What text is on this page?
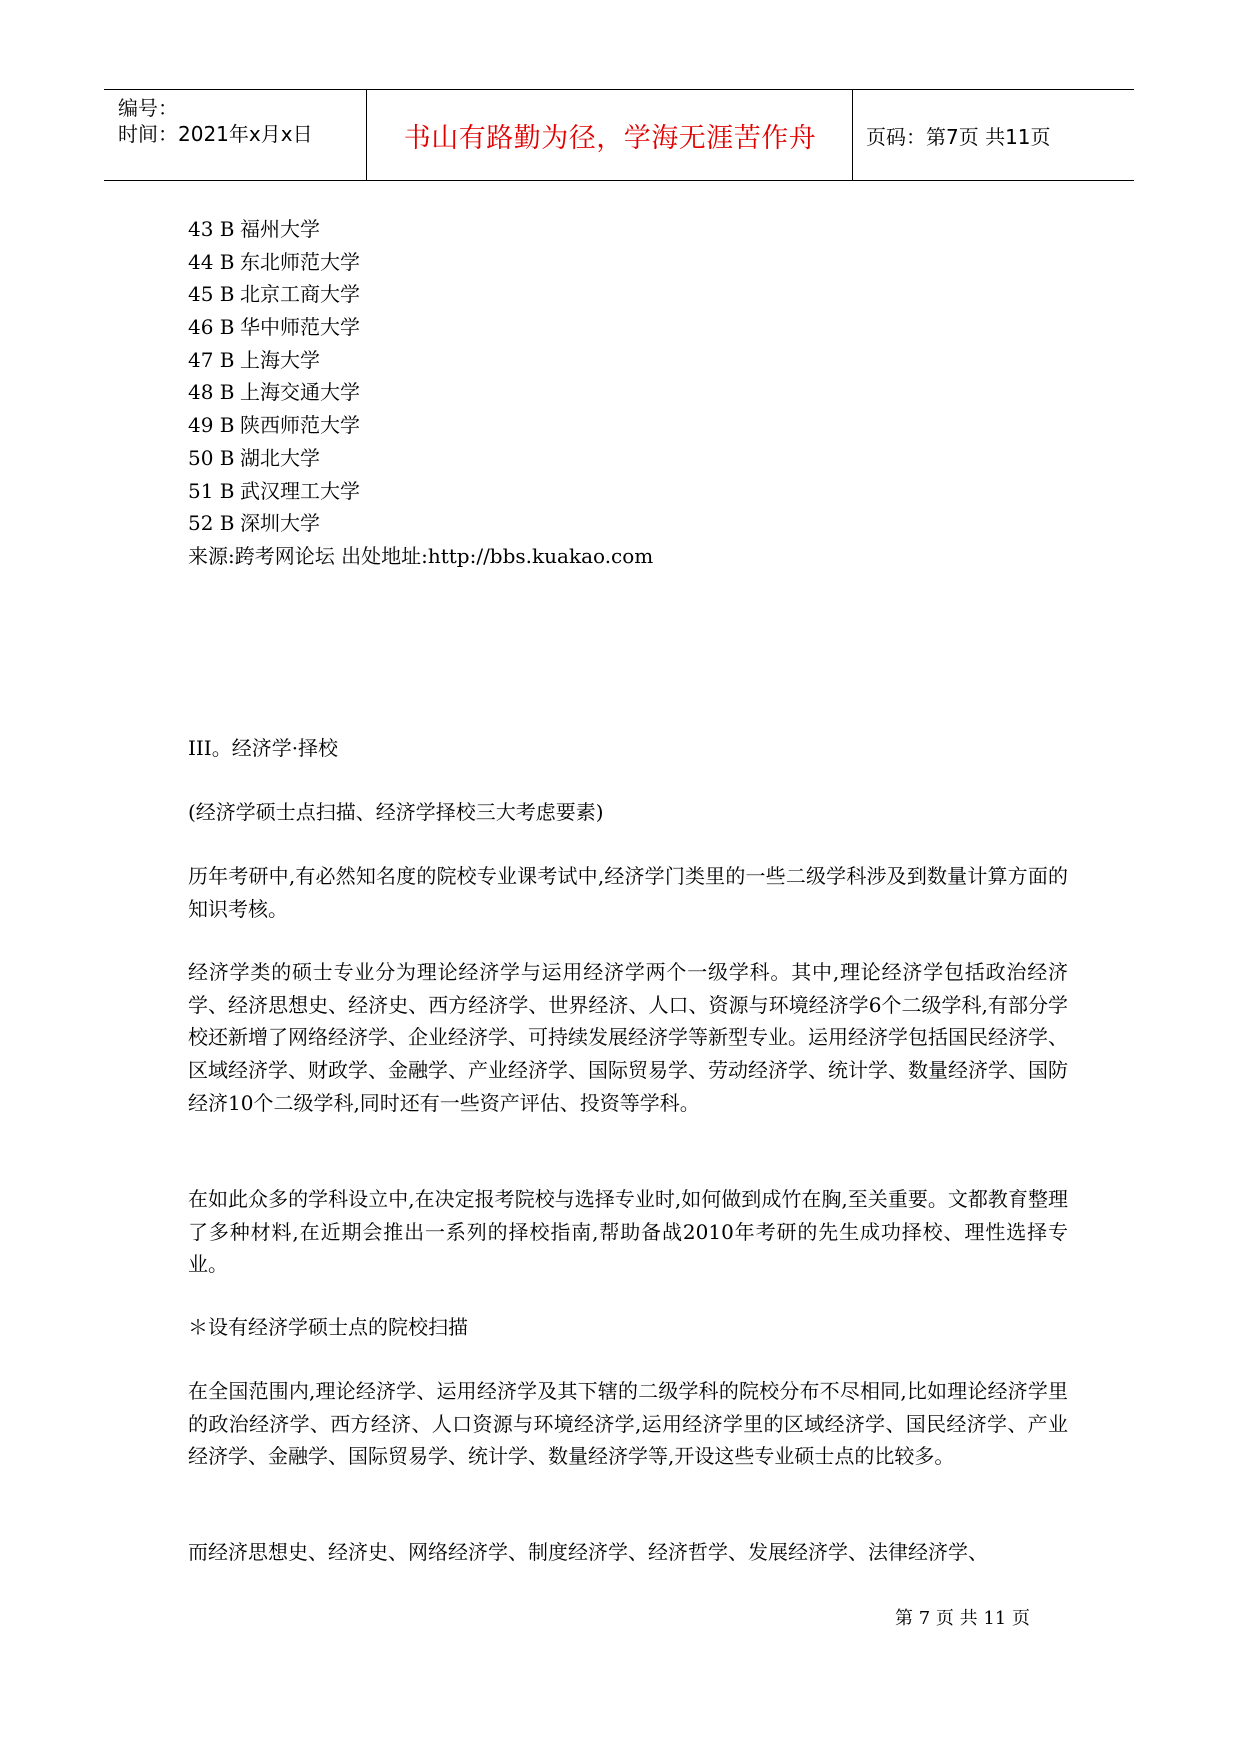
编号：
时间：2021年x月x日	书山有路勤为径，学海无涯苦作舟	页码：第7页 共11页
43 B 福州大学
44 B 东北师范大学
45 B 北京工商大学
46 B 华中师范大学
47 B 上海大学
48 B 上海交通大学
49 B 陕西师范大学
50 B 湖北大学
51 B 武汉理工大学
52 B 深圳大学
来源:跨考网论坛 出处地址:http://bbs.kuakao.com
III。经济学·择校
(经济学硕士点扫描、经济学择校三大考虑要素)
历年考研中,有必然知名度的院校专业课考试中,经济学门类里的一些二级学科涉及到数量计算方面的知识考核。
经济学类的硕士专业分为理论经济学与运用经济学两个一级学科。其中,理论经济学包括政治经济学、经济思想史、经济史、西方经济学、世界经济、人口、资源与环境经济学6个二级学科,有部分学校还新增了网络经济学、企业经济学、可持续发展经济学等新型专业。运用经济学包括国民经济学、区域经济学、财政学、金融学、产业经济学、国际贸易学、劳动经济学、统计学、数量经济学、国防经济10个二级学科,同时还有一些资产评估、投资等学科。
在如此众多的学科设立中,在决定报考院校与选择专业时,如何做到成竹在胸,至关重要。文都教育整理了多种材料,在近期会推出一系列的择校指南,帮助备战2010年考研的先生成功择校、理性选择专业。
＊设有经济学硕士点的院校扫描
在全国范围内,理论经济学、运用经济学及其下辖的二级学科的院校分布不尽相同,比如理论经济学里的政治经济学、西方经济、人口资源与环境经济学,运用经济学里的区域经济学、国民经济学、产业经济学、金融学、国际贸易学、统计学、数量经济学等,开设这些专业硕士点的比较多。
而经济思想史、经济史、网络经济学、制度经济学、经济哲学、发展经济学、法律经济学、
第 7 页 共 11 页
